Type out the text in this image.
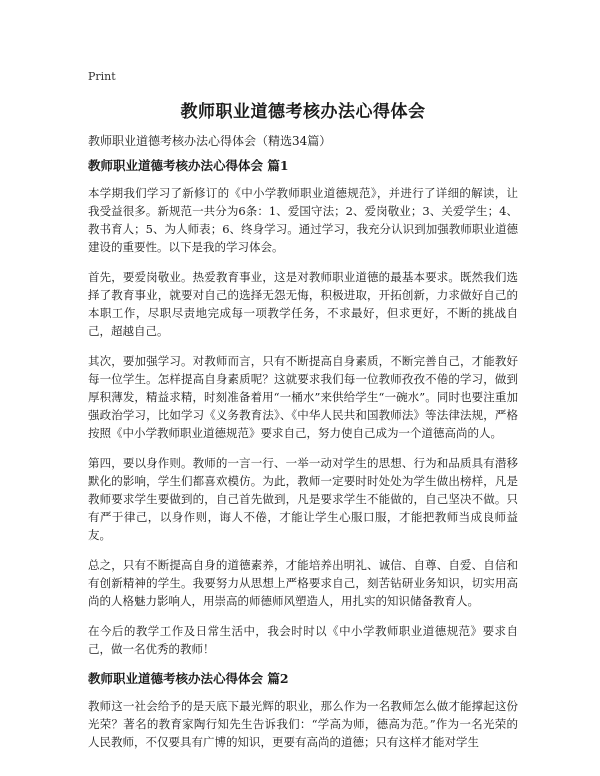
Print
教师职业道德考核办法心得体会

教师职业道德考核办法心得体会（精选34篇）

教师职业道德考核办法心得体会 篇1

本学期我们学习了新修订的《中小学教师职业道德规范》，并进行了详细的解读，让我受益很多。新规范一共分为6条：1、爱国守法；2、爱岗敬业；3、关爱学生；4、教书育人；5、为人师表；6、终身学习。通过学习，我充分认识到加强教师职业道德建设的重要性。以下是我的学习体会。

首先，要爱岗敬业。热爱教育事业，这是对教师职业道德的最基本要求。既然我们选择了教育事业，就要对自己的选择无怨无悔，积极进取，开拓创新，力求做好自己的本职工作，尽职尽责地完成每一项教学任务，不求最好，但求更好，不断的挑战自己，超越自己。

其次，要加强学习。对教师而言，只有不断提高自身素质，不断完善自己，才能教好每一位学生。怎样提高自身素质呢？这就要求我们每一位教师孜孜不倦的学习，做到厚积薄发，精益求精，时刻准备着用“一桶水”来供给学生“一碗水”。同时也要注重加强政治学习，比如学习《义务教育法》、《中华人民共和国教师法》等法律法规，严格按照《中小学教师职业道德规范》要求自己，努力使自己成为一个道德高尚的人。

第四，要以身作则。教师的一言一行、一举一动对学生的思想、行为和品质具有潜移默化的影响，学生们都喜欢模仿。为此，教师一定要时时处处为学生做出榜样，凡是教师要求学生要做到的，自己首先做到，凡是要求学生不能做的，自己坚决不做。只有严于律己，以身作则，诲人不倦，才能让学生心服口服，才能把教师当成良师益友。

总之，只有不断提高自身的道德素养，才能培养出明礼、诚信、自尊、自爱、自信和有创新精神的学生。我要努力从思想上严格要求自己，刻苦钻研业务知识，切实用高尚的人格魅力影响人，用崇高的师德师风塑造人，用扎实的知识储备教育人。

在今后的教学工作及日常生活中，我会时时以《中小学教师职业道德规范》要求自己，做一名优秀的教师！

教师职业道德考核办法心得体会 篇2

教师这一社会给予的是天底下最光辉的职业，那么作为一名教师怎么做才能撑起这份光荣？著名的教育家陶行知先生告诉我们：“学高为师，德高为范。”作为一名光荣的人民教师，不仅要具有广博的知识，更要有高尚的道德；只有这样才能对学生
